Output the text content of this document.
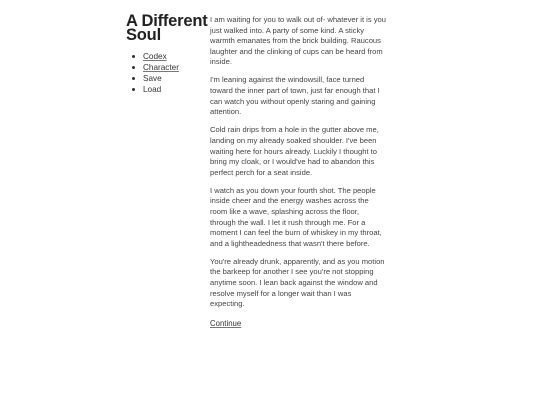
A Different
Soul
Codex
Character
Save
Load

I am waiting for you to walk out of- whatever it is you just walked into. A party of some kind. A sticky warmth emanates from the brick building. Raucous laughter and the clinking of cups can be heard from inside.

I'm leaning against the windowsill, face turned toward the inner part of town, just far enough that I can watch you without openly staring and gaining attention.

Cold rain drips from a hole in the gutter above me, landing on my already soaked shoulder. I've been waiting here for hours already. Luckily I thought to bring my cloak, or I would've had to abandon this perfect perch for a seat inside.

I watch as you down your fourth shot. The people inside cheer and the energy washes across the room like a wave, splashing across the floor, through the wall. I let it rush through me. For a moment I can feel the burn of whiskey in my throat, and a lightheadedness that wasn't there before.

You're already drunk, apparently, and as you motion the barkeep for another I see you're not stopping anytime soon. I lean back against the window and resolve myself for a longer wait than I was expecting.

Continue
